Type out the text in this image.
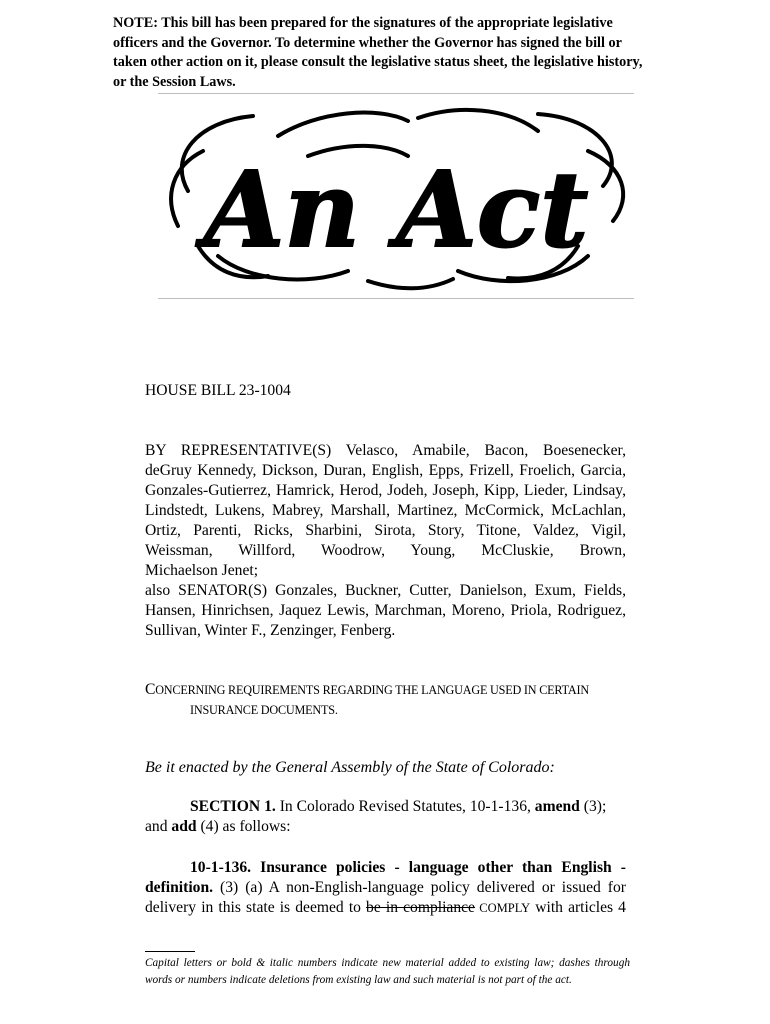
NOTE: This bill has been prepared for the signatures of the appropriate legislative officers and the Governor. To determine whether the Governor has signed the bill or taken other action on it, please consult the legislative status sheet, the legislative history, or the Session Laws.

An Act

HOUSE BILL 23-1004

BY REPRESENTATIVE(S) Velasco, Amabile, Bacon, Boesenecker,
deGruy Kennedy, Dickson, Duran, English, Epps, Frizell, Froelich, Garcia,
Gonzales-Gutierrez, Hamrick, Herod, Jodeh, Joseph, Kipp, Lieder, Lindsay,
Lindstedt, Lukens, Mabrey, Marshall, Martinez, McCormick, McLachlan,
Ortiz, Parenti, Ricks, Sharbini, Sirota, Story, Titone, Valdez, Vigil,
Weissman, Willford, Woodrow, Young, McCluskie, Brown,
Michaelson Jenet;
also SENATOR(S) Gonzales, Buckner, Cutter, Danielson, Exum, Fields,
Hansen, Hinrichsen, Jaquez Lewis, Marchman, Moreno, Priola, Rodriguez,
Sullivan, Winter F., Zenzinger, Fenberg.
CONCERNING REQUIREMENTS REGARDING THE LANGUAGE USED IN CERTAIN
INSURANCE DOCUMENTS.

Be it enacted by the General Assembly of the State of Colorado:

SECTION 1. In Colorado Revised Statutes, 10-1-136, amend (3);
and add (4) as follows:

10-1-136. Insurance policies - language other than English -
definition. (3) (a) A non-English-language policy delivered or issued for
delivery in this state is deemed to be in compliance COMPLY with articles 4

Capital letters or bold & italic numbers indicate new material added to existing law; dashes through words or numbers indicate deletions from existing law and such material is not part of the act.
